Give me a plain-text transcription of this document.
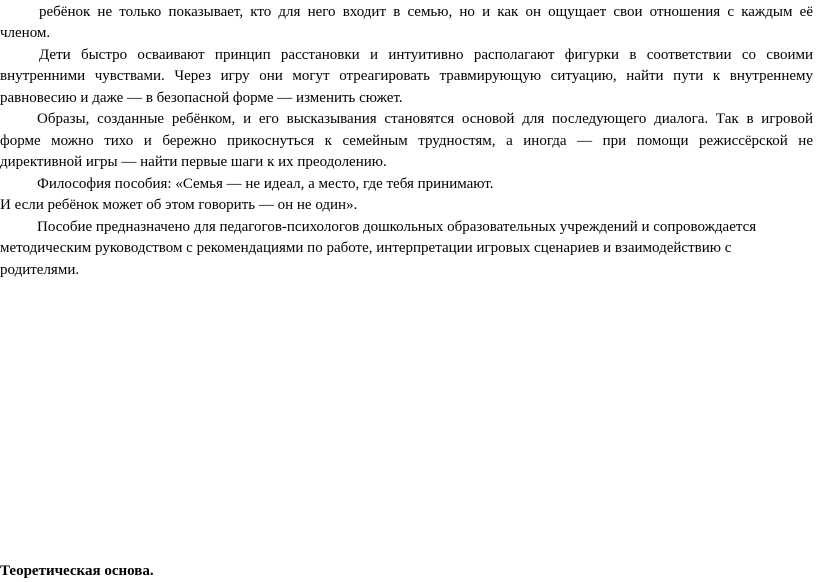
ребёнок не только показывает, кто для него входит в семью, но и как он ощущает свои отношения с каждым её
членом.
Дети быстро осваивают принцип расстановки и интуитивно располагают фигурки в соответствии со своими
внутренними чувствами. Через игру они могут отреагировать травмирующую ситуацию, найти пути к внутреннему
равновесию и даже — в безопасной форме — изменить сюжет.
Образы, созданные ребёнком, и его высказывания становятся основой для последующего диалога. Так в игровой
форме можно тихо и бережно прикоснуться к семейным трудностям, а иногда — при помощи режиссёрской не
директивной игры — найти первые шаги к их преодолению.
Философия пособия: «Семья — не идеал, а место, где тебя принимают.
И если ребёнок может об этом говорить — он не один».
Пособие предназначено для педагогов-психологов дошкольных образовательных учреждений и сопровождается
методическим руководством с рекомендациями по работе, интерпретации игровых сценариев и взаимодействию с
родителями.
Теоретическая основа.
